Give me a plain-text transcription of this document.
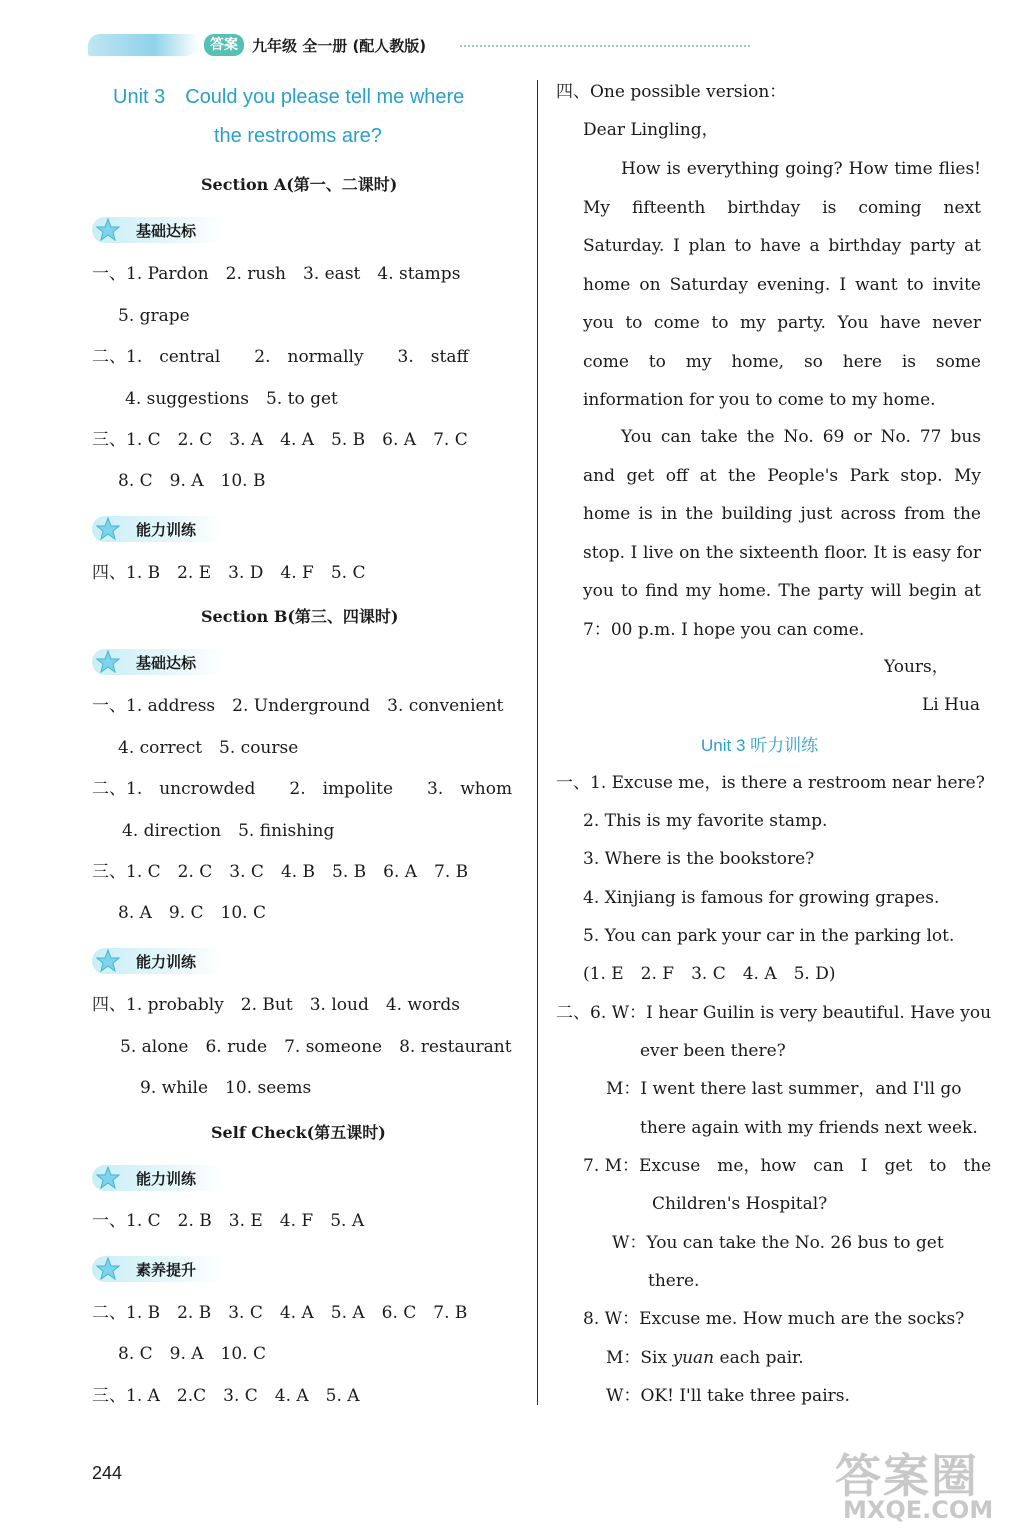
答案 九年级 全一册 (配人教版)
Unit 3　Could you please tell me where
the restrooms are?
Section A(第一、二课时)
基础达标
一、1. Pardon　2. rush　3. east　4. stamps
5. grape
二、1.　central　　2.　normally　　3.　staff
4. suggestions　5. to get
三、1. C　2. C　3. A　4. A　5. B　6. A　7. C
8. C　9. A　10. B
能力训练
四、1. B　2. E　3. D　4. F　5. C
Section B(第三、四课时)
基础达标
一、1. address　2. Underground　3. convenient
4. correct　5. course
二、1.　uncrowded　　2.　impolite　　3.　whom
4. direction　5. finishing
三、1. C　2. C　3. C　4. B　5. B　6. A　7. B
8. A　9. C　10. C
能力训练
四、1. probably　2. But　3. loud　4. words
5. alone　6. rude　7. someone　8. restaurant
9. while　10. seems
Self Check(第五课时)
能力训练
一、1. C　2. B　3. E　4. F　5. A
素养提升
二、1. B　2. B　3. C　4. A　5. A　6. C　7. B
8. C　9. A　10. C
三、1. A　2.C　3. C　4. A　5. A
四、One possible version：
Dear Lingling，
How is everything going? How time flies! My fifteenth birthday is coming next Saturday. I plan to have a birthday party at home on Saturday evening. I want to invite you to come to my party. You have never come to my home, so here is some information for you to come to my home.
You can take the No. 69 or No. 77 bus and get off at the People's Park stop. My home is in the building just across from the stop. I live on the sixteenth floor. It is easy for you to find my home. The party will begin at 7：00 p.m. I hope you can come.
Yours，
Li Hua
Unit 3 听力训练
一、1. Excuse me，is there a restroom near here?
2. This is my favorite stamp.
3. Where is the bookstore?
4. Xinjiang is famous for growing grapes.
5. You can park your car in the parking lot.
(1. E　2. F　3. C　4. A　5. D)
二、6. W：I hear Guilin is very beautiful. Have you
ever been there?
M：I went there last summer，and I'll go
there again with my friends next week.
7. M：Excuse　me，how　can　I　get　to　the
Children's Hospital?
W：You can take the No. 26 bus to get
there.
8. W：Excuse me. How much are the socks?
M：Six yuan each pair.
W：OK! I'll take three pairs.
244	答案圈
MXQE.COM
